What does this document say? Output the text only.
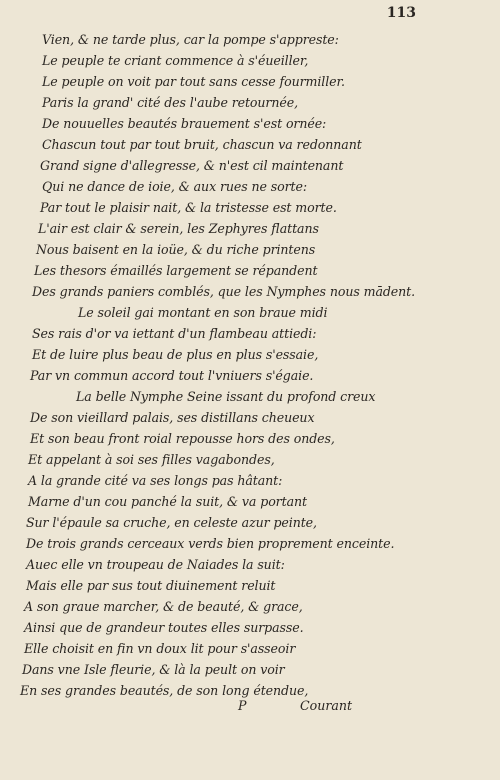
113
Vien, & ne tarde plus, car la pompe s'appreste:
Le peuple te criant commence à s'éueiller,
Le peuple on voit par tout sans cesse fourmiller.
Paris la grand' cité des l'aube retournée,
De nouuelles beautés brauement s'est ornée:
Chascun tout par tout bruit, chascun va redonnant
Grand signe d'allegresse, & n'est cil maintenant
Qui ne dance de ioie, & aux rues ne sorte:
Par tout le plaisir nait, & la tristesse est morte.
L'air est clair & serein, les Zephyres flattans
Nous baisent en la ioüe, & du riche printens
Les thesors émaillés largement se répandent
Des grands paniers comblés, que les Nymphes nous mādent.
Le soleil gai montant en son braue midi
Ses rais d'or va iettant d'un flambeau attiedi:
Et de luire plus beau de plus en plus s'essaie,
Par vn commun accord tout l'vniuers s'égaie.
La belle Nymphe Seine issant du profond creux
De son vieillard palais, ses distillans cheueux
Et son beau front roial repousse hors des ondes,
Et appelant à soi ses filles vagabondes,
A la grande cité va ses longs pas hâtant:
Marne d'un cou panché la suit, & va portant
Sur l'épaule sa cruche, en celeste azur peinte,
De trois grands cerceaux verds bien proprement enceinte.
Auec elle vn troupeau de Naiades la suit:
Mais elle par sus tout diuinement reluit
A son graue marcher, & de beauté, & grace,
Ainsi que de grandeur toutes elles surpasse.
Elle choisit en fin vn doux lit pour s'asseoir
Dans vne Isle fleurie, & là la peult on voir
En ses grandes beautés, de son long étendue,
P	Courant
